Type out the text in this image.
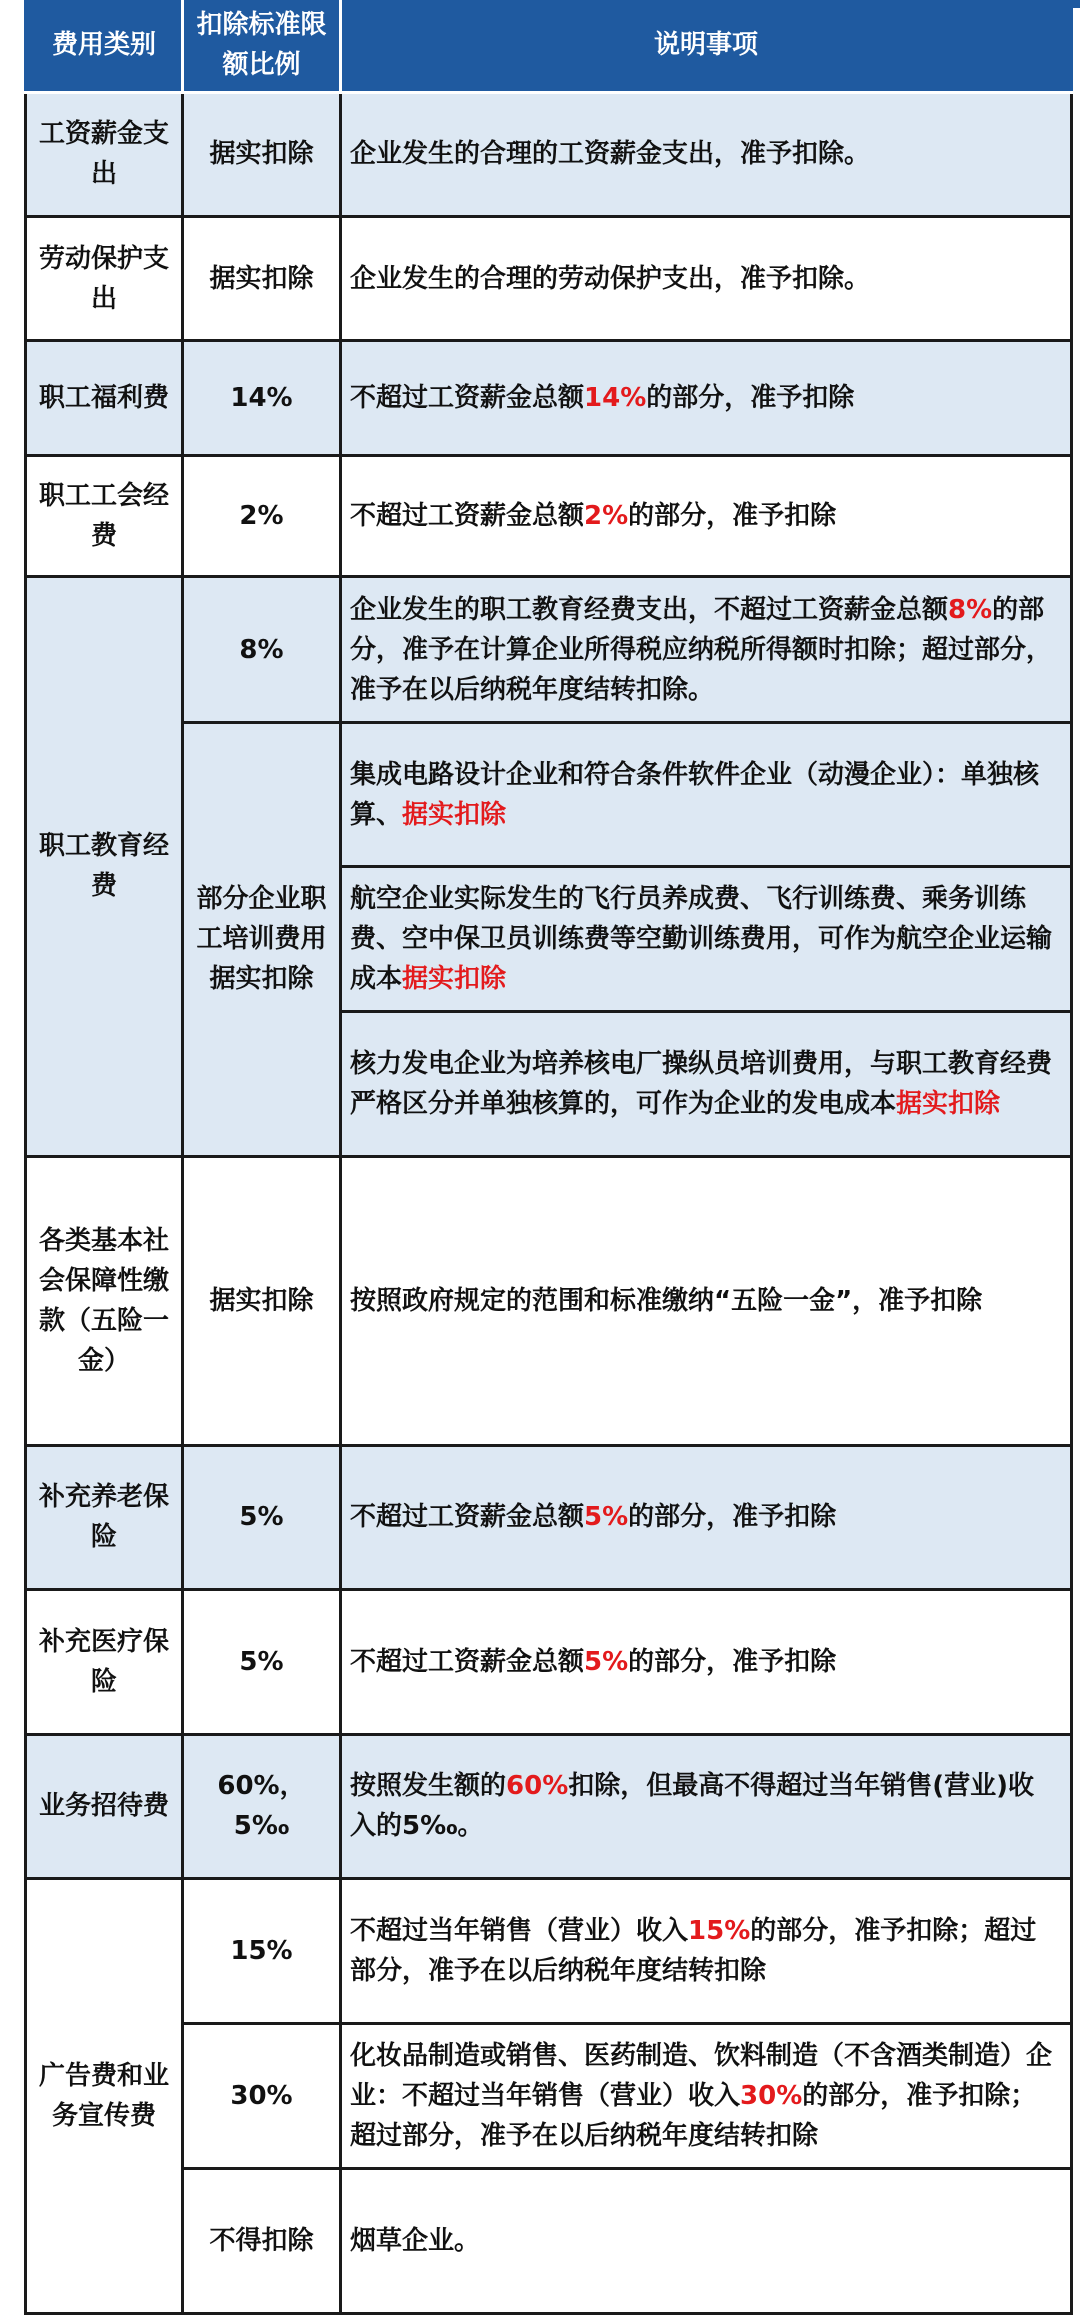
费用类别	扣除标准限额比例	说明事项
工资薪金支出	据实扣除	企业发生的合理的工资薪金支出，准予扣除。
劳动保护支出	据实扣除	企业发生的合理的劳动保护支出，准予扣除。
职工福利费	14%	不超过工资薪金总额14%的部分，准予扣除
职工工会经费	2%	不超过工资薪金总额2%的部分，准予扣除
职工教育经费	8%	企业发生的职工教育经费支出，不超过工资薪金总额8%的部分，准予在计算企业所得税应纳税所得额时扣除；超过部分，准予在以后纳税年度结转扣除。
	部分企业职工培训费用据实扣除	集成电路设计企业和符合条件软件企业（动漫企业）：单独核算、据实扣除
		航空企业实际发生的飞行员养成费、飞行训练费、乘务训练费、空中保卫员训练费等空勤训练费用，可作为航空企业运输成本据实扣除
		核力发电企业为培养核电厂操纵员培训费用，与职工教育经费严格区分并单独核算的，可作为企业的发电成本据实扣除
各类基本社会保障性缴款（五险一金）	据实扣除	按照政府规定的范围和标准缴纳“五险一金”，准予扣除
补充养老保险	5%	不超过工资薪金总额5%的部分，准予扣除
补充医疗保险	5%	不超过工资薪金总额5%的部分，准予扣除
业务招待费	60%，5‰	按照发生额的60%扣除，但最高不得超过当年销售(营业)收入的5‰。
广告费和业务宣传费	15%	不超过当年销售（营业）收入15%的部分，准予扣除；超过部分，准予在以后纳税年度结转扣除
	30%	化妆品制造或销售、医药制造、饮料制造（不含酒类制造）企业：不超过当年销售（营业）收入30%的部分，准予扣除；超过部分，准予在以后纳税年度结转扣除
	不得扣除	烟草企业。
